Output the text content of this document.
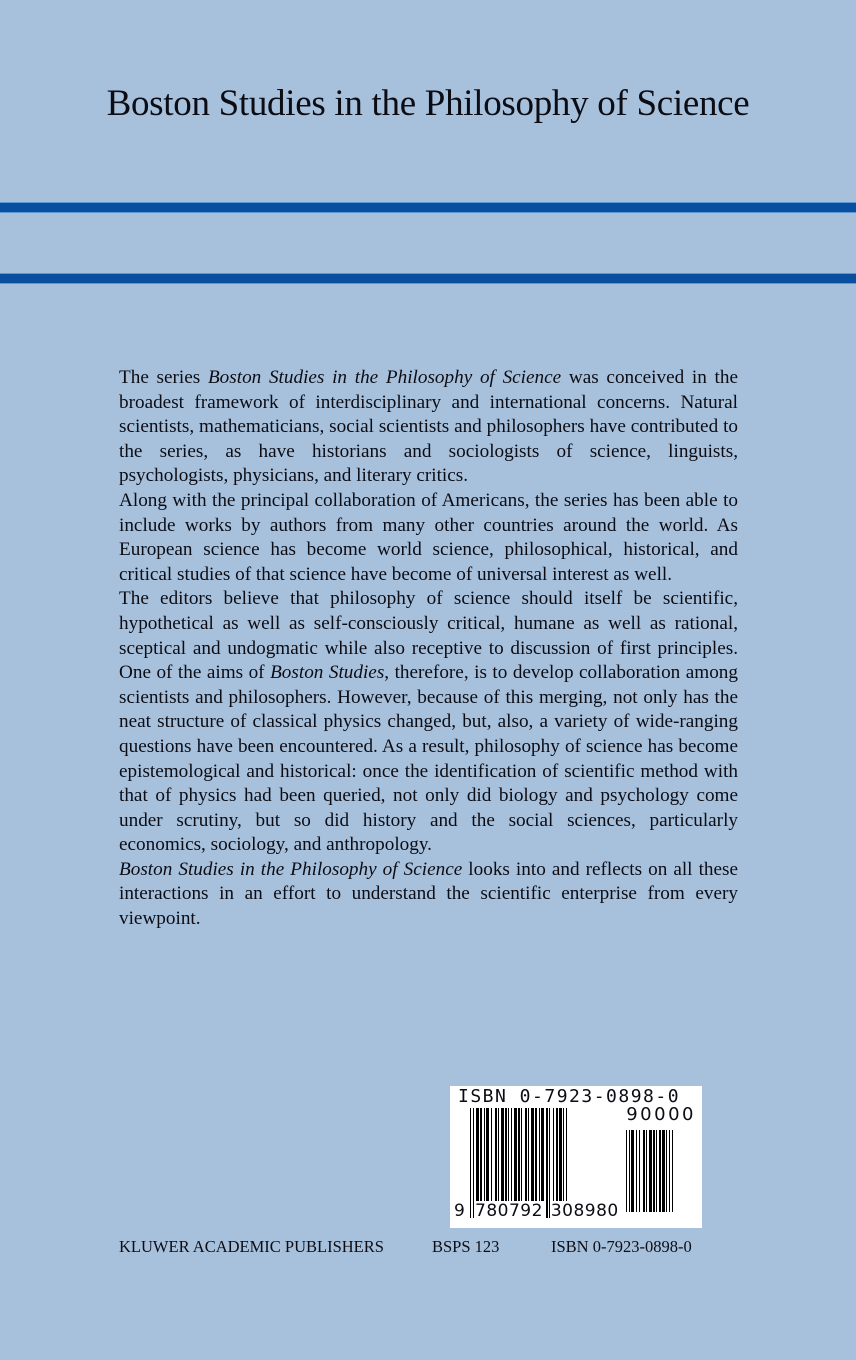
Boston Studies in the Philosophy of Science

The series Boston Studies in the Philosophy of Science was conceived in the broadest framework of interdisciplinary and international concerns. Natural scientists, mathematicians, social scientists and philosophers have contributed to the series, as have historians and sociologists of science, linguists, psychologists, physicians, and literary critics.

Along with the principal collaboration of Americans, the series has been able to include works by authors from many other countries around the world. As European science has become world science, philosophical, historical, and critical studies of that science have become of universal interest as well.

The editors believe that philosophy of science should itself be scientific, hypothetical as well as self-consciously critical, humane as well as rational, sceptical and undogmatic while also receptive to discussion of first principles. One of the aims of Boston Studies, therefore, is to develop collaboration among scientists and philosophers. However, because of this merging, not only has the neat structure of classical physics changed, but, also, a variety of wide-ranging questions have been encountered. As a result, philosophy of science has become epistemological and historical: once the identification of scientific method with that of physics had been queried, not only did biology and psychology come under scrutiny, but so did history and the social sciences, particularly economics, sociology, and anthropology.

Boston Studies in the Philosophy of Science looks into and reflects on all these interactions in an effort to understand the scientific enterprise from every viewpoint.

ISBN 0-7923-0898-0
90000
9 780792 308980
KLUWER ACADEMIC PUBLISHERS	BSPS 123	ISBN 0-7923-0898-0
